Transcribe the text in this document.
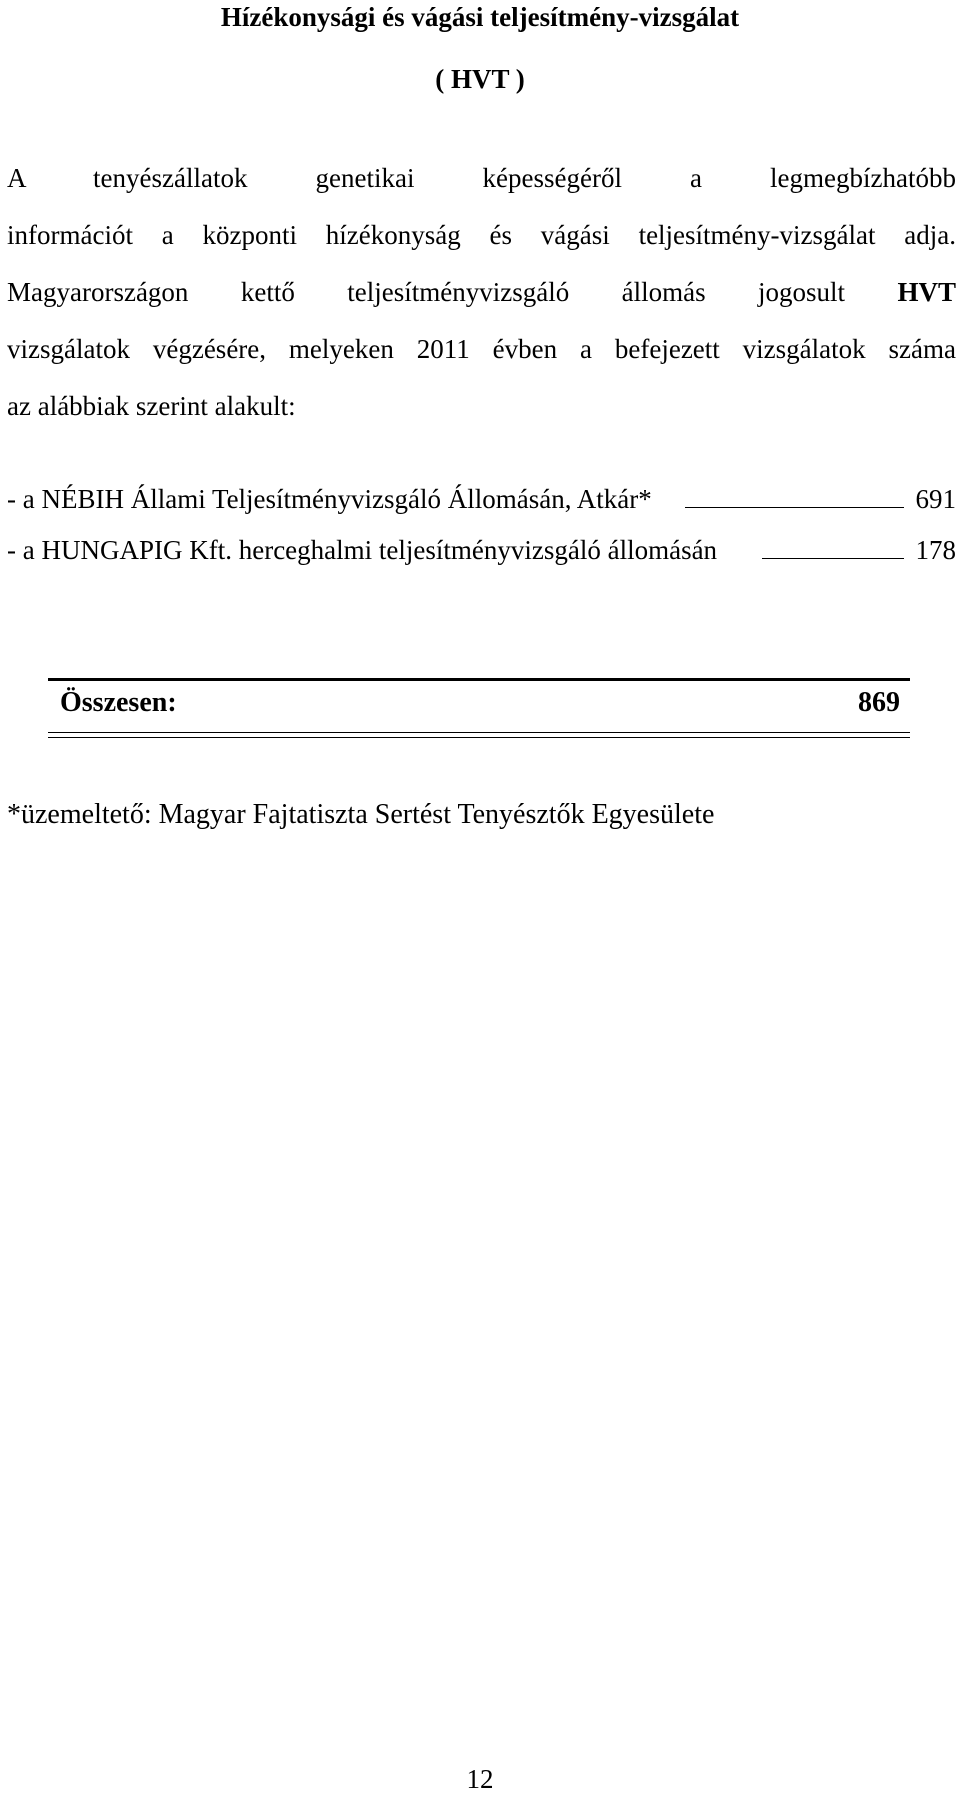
Hízékonysági és vágási teljesítmény-vizsgálat
( HVT )
A tenyészállatok genetikai képességéről a legmegbízhatóbb
információt a központi hízékonyság és vágási teljesítmény-vizsgálat adja.
Magyarországon kettő teljesítményvizsgáló állomás jogosult HVT
vizsgálatok végzésére, melyeken 2011 évben a befejezett vizsgálatok száma
az alábbiak szerint alakult:
- a NÉBIH Állami Teljesítményvizsgáló Állomásán, Atkár*	691
- a HUNGAPIG Kft. herceghalmi teljesítményvizsgáló állomásán	178
Összesen:	869
*üzemeltető: Magyar Fajtatiszta Sertést Tenyésztők Egyesülete
12
